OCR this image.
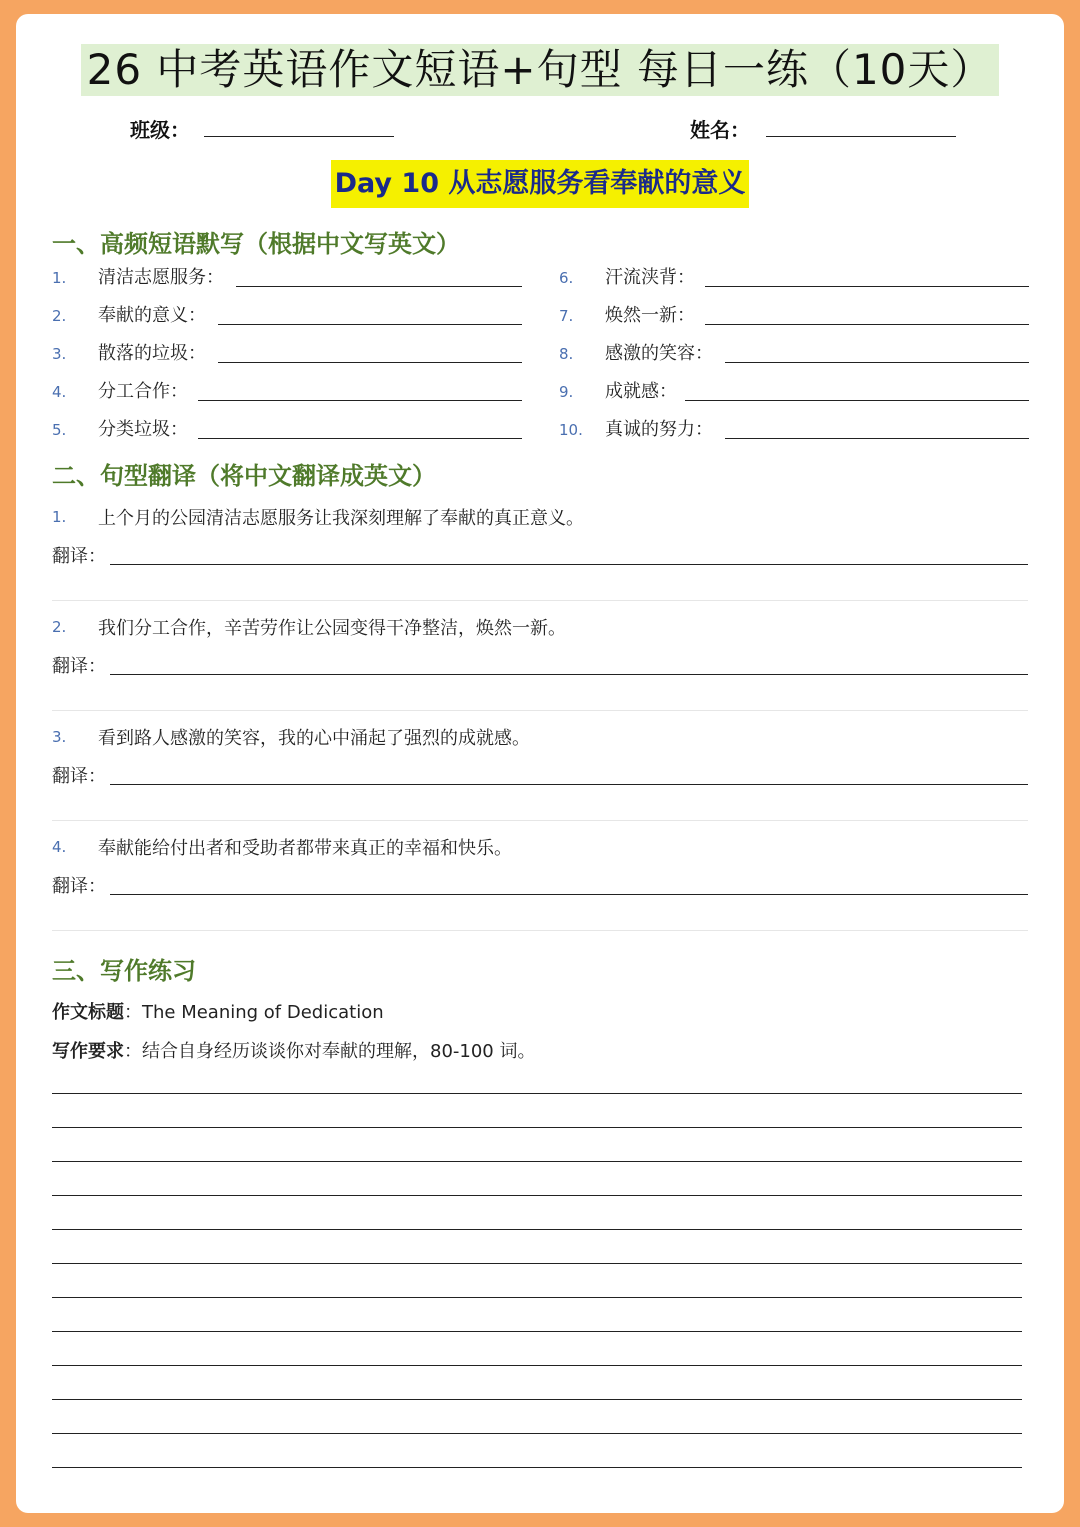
26 中考英语作文短语+句型 每日一练（10天）
班级：	姓名：
Day 10 从志愿服务看奉献的意义
一、高频短语默写（根据中文写英文）
1. 清洁志愿服务：
2. 奉献的意义：
3. 散落的垃圾：
4. 分工合作：
5. 分类垃圾：
6. 汗流浃背：
7. 焕然一新：
8. 感激的笑容：
9. 成就感：
10. 真诚的努力：
二、句型翻译（将中文翻译成英文）
1. 上个月的公园清洁志愿服务让我深刻理解了奉献的真正意义。
翻译：
2. 我们分工合作，辛苦劳作让公园变得干净整洁，焕然一新。
翻译：
3. 看到路人感激的笑容，我的心中涌起了强烈的成就感。
翻译：
4. 奉献能给付出者和受助者都带来真正的幸福和快乐。
翻译：
三、写作练习
作文标题：The Meaning of Dedication
写作要求：结合自身经历谈谈你对奉献的理解，80-100 词。
